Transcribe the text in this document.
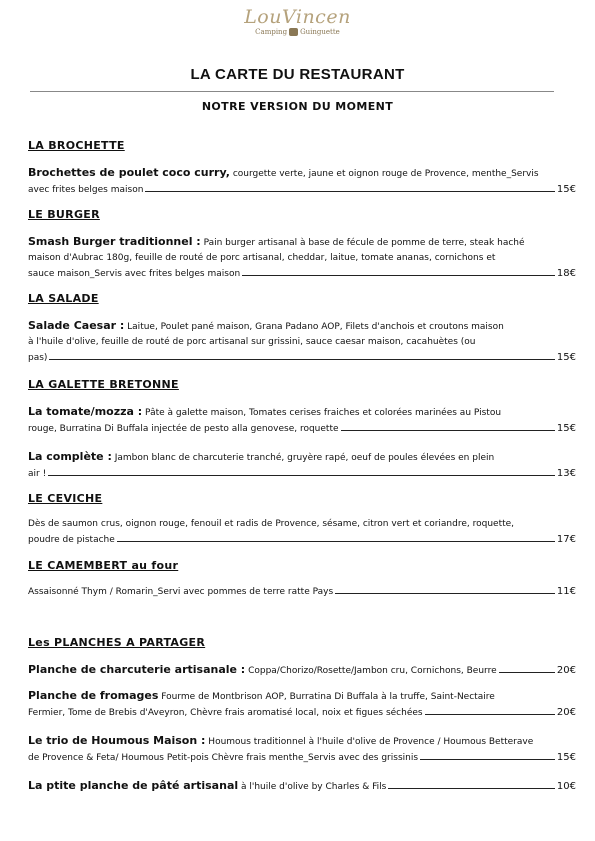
LouVincen
Camping Guinguette
LA CARTE DU RESTAURANT
NOTRE VERSION DU MOMENT
LA BROCHETTE
Brochettes de poulet coco curry, courgette verte, jaune et oignon rouge de Provence, menthe_Servis
avec frites belges maison	15€
LE BURGER
Smash Burger traditionnel : Pain burger artisanal à base de fécule de pomme de terre, steak haché
maison d'Aubrac 180g, feuille de routé de porc artisanal, cheddar, laitue, tomate ananas, cornichons et
sauce maison_Servis avec frites belges maison	18€
LA SALADE
Salade Caesar : Laitue, Poulet pané maison, Grana Padano AOP, Filets d'anchois et croutons maison
à l'huile d'olive, feuille de routé de porc artisanal sur grissini, sauce caesar maison, cacahuètes (ou
pas)	15€
LA GALETTE BRETONNE
La tomate/mozza : Pâte à galette maison, Tomates cerises fraiches et colorées marinées au Pistou
rouge, Burratina Di Buffala injectée de pesto alla genovese, roquette	15€
La complète : Jambon blanc de charcuterie tranché, gruyère rapé, oeuf de poules élevées en plein
air !	13€
LE CEVICHE
Dès de saumon crus, oignon rouge, fenouil et radis de Provence, sésame, citron vert et coriandre, roquette,
poudre de pistache	17€
LE CAMEMBERT au four
Assaisonné Thym / Romarin_Servi avec pommes de terre ratte Pays	11€
Les PLANCHES A PARTAGER
Planche de charcuterie artisanale : Coppa/Chorizo/Rosette/Jambon cru, Cornichons, Beurre	20€
Planche de fromages Fourme de Montbrison AOP, Burratina Di Buffala à la truffe, Saint-Nectaire
Fermier, Tome de Brebis d'Aveyron, Chèvre frais aromatisé local, noix et figues séchées	20€
Le trio de Houmous Maison : Houmous traditionnel à l'huile d'olive de Provence / Houmous Betterave
de Provence & Feta/ Houmous Petit-pois Chèvre frais menthe_Servis avec des grissinis	15€
La ptite planche de pâté artisanal à l'huile d'olive by Charles & Fils	10€
